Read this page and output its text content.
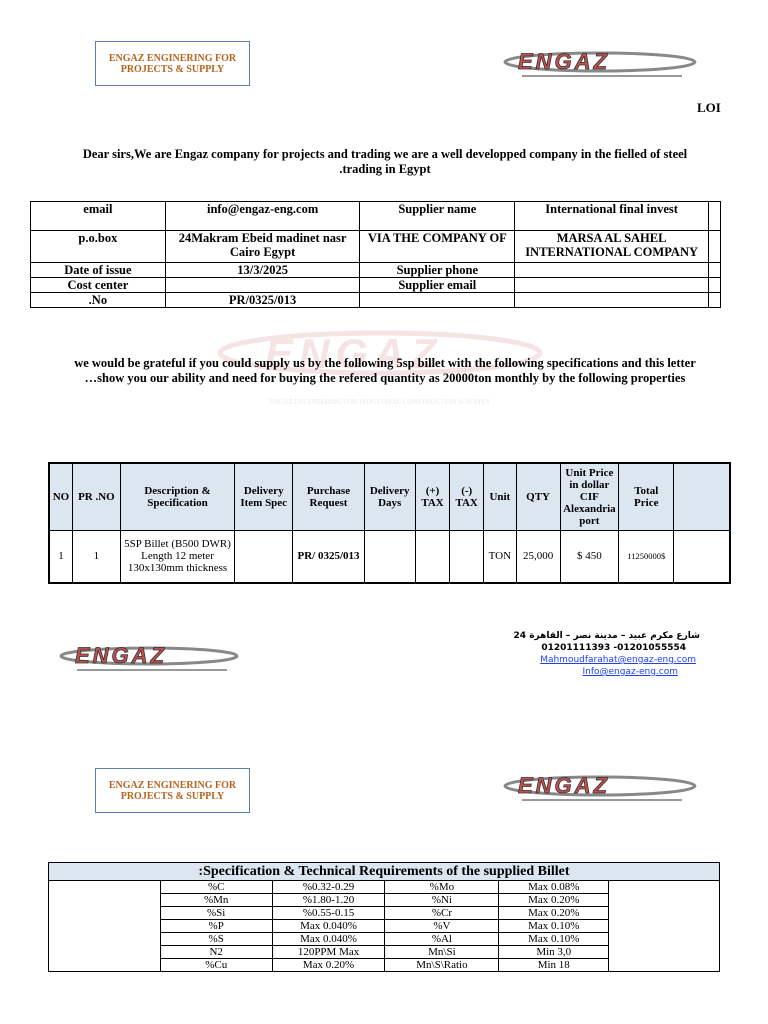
ENGAZ ENGINERING FOR
PROJECTS & SUPPLY	ENGAZ
LOI
Dear sirs,We are Engaz company for projects and trading we are a well developped company in the fielled of steel
.trading in Egypt
email	info@engaz-eng.com	Supplier name	International final invest	
p.o.box	24Makram Ebeid madinet nasr Cairo Egypt	VIA THE COMPANY OF	MARSA AL SAHEL INTERNATIONAL COMPANY	
Date of issue	13/3/2025	Supplier phone		
Cost center		Supplier email		
.No	PR/0325/013			
ENGAZ
ENGAZ ENGINEERING FOR INDUSTRIAL CONSTRUCTION & SUPPLY
we would be grateful if you could supply us by the following 5sp billet with the following specifications and this letter
…show you our ability and need for buying the refered quantity as 20000ton monthly by the following properties
NO	PR .NO	Description & Specification	Delivery Item Spec	Purchase Request	Delivery Days	(+) TAX	(-) TAX	Unit	QTY	Unit Price in dollar CIF Alexandria port	Total Price	
1	1	5SP Billet (B500 DWR) Length 12 meter 130x130mm thickness		PR/ 0325/013				TON	25,000	$ 450	11250000$	
ENGAZ
24 شارع مكرم عبيد – مدينة نصر – القاهرة
01201111393 -01201055554
Mahmoudfarahat@engaz-eng.com
Info@engaz-eng.com
ENGAZ ENGINERING FOR
PROJECTS & SUPPLY	ENGAZ
:Specification & Technical Requirements of the supplied Billet					
	%C	%0.32-0.29	%Mo	Max 0.08%	
	%Mn	%1.80-1.20	%Ni	Max 0.20%	
	%Si	%0.55-0.15	%Cr	Max 0.20%	
	%P	Max 0.040%	%V	Max 0.10%	
	%S	Max 0.040%	%Al	Max 0.10%	
	N2	120PPM Max	Mn\Si	Min 3,0	
	%Cu	Max 0.20%	Mn\S\Ratio	Min 18	
